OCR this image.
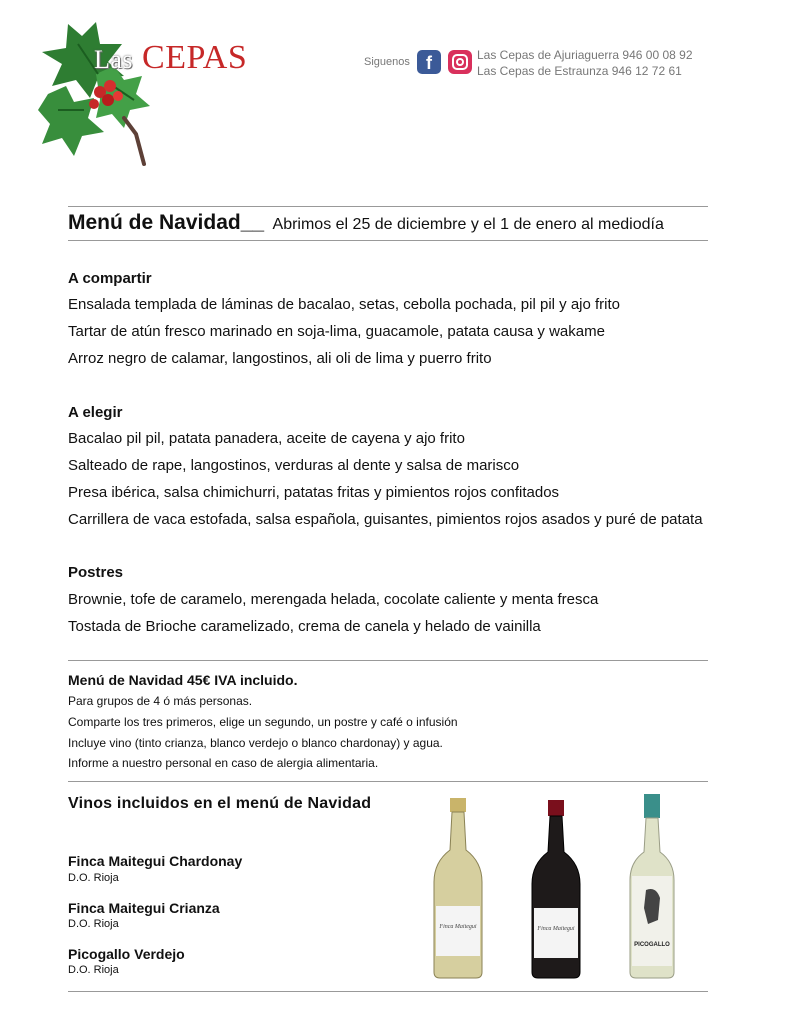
Las CEPAS	Siguenos f	Las Cepas de Ajuriaguerra 946 00 08 92
Las Cepas de Estraunza 946 12 72 61
Menú de Navidad__ Abrimos el 25 de diciembre y el 1 de enero al mediodía
A compartir
Ensalada templada de láminas de bacalao, setas, cebolla pochada, pil pil y ajo frito
Tartar de atún fresco marinado en soja-lima, guacamole, patata causa y wakame
Arroz negro de calamar, langostinos, ali oli de lima y puerro frito
A elegir
Bacalao pil pil, patata panadera, aceite de cayena y ajo frito
Salteado de rape, langostinos, verduras al dente y salsa de marisco
Presa ibérica, salsa chimichurri, patatas fritas y pimientos rojos confitados
Carrillera de vaca estofada, salsa española, guisantes, pimientos rojos asados y puré de patata
Postres
Brownie, tofe de caramelo, merengada helada, cocolate caliente y menta fresca
Tostada de Brioche caramelizado, crema de canela y helado de vainilla
Menú de Navidad 45€ IVA incluido.
Para grupos de 4 ó más personas.
Comparte los tres primeros, elige un segundo, un postre y café o infusión
Incluye vino (tinto crianza, blanco verdejo o blanco chardonay) y agua.
Informe a nuestro personal en caso de alergia alimentaria.
Vinos incluidos en el menú de Navidad
Finca Maitegui Chardonay
D.O. Rioja
Finca Maitegui Crianza
D.O. Rioja
Picogallo Verdejo
D.O. Rioja
Finca Maitegui	Finca Maitegui
PICOGALLO
